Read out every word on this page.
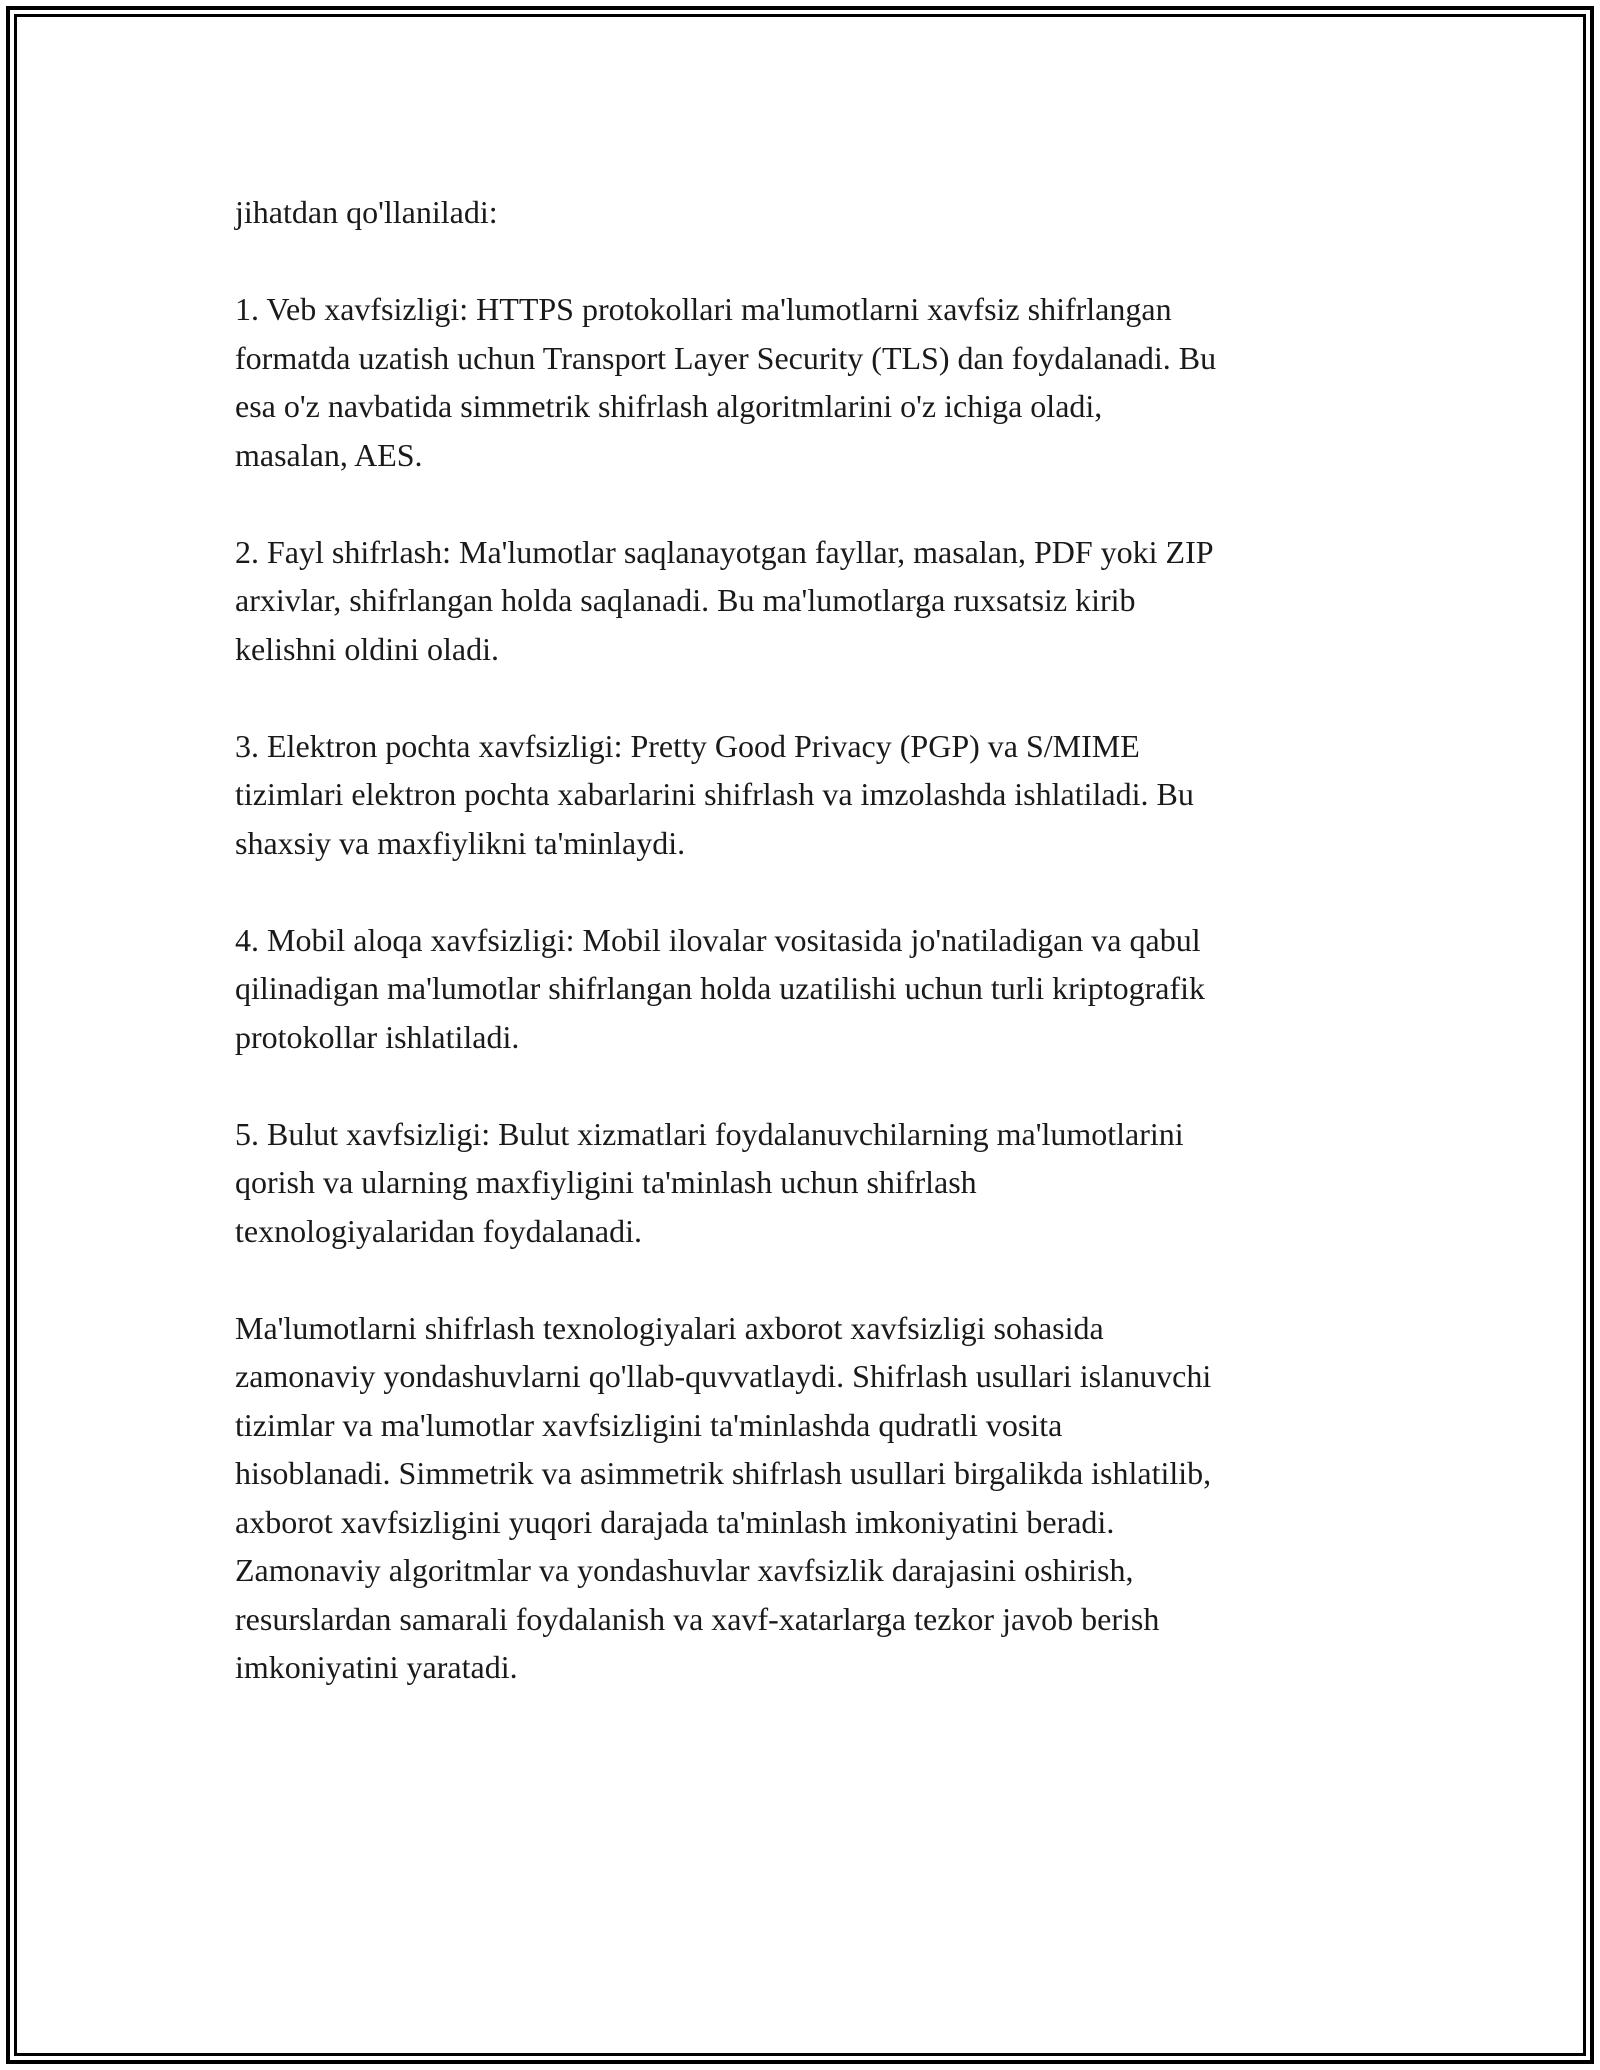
jihatdan qo'llaniladi:

1. Veb xavfsizligi: HTTPS protokollari ma'lumotlarni xavfsiz shifrlangan
formatda uzatish uchun Transport Layer Security (TLS) dan foydalanadi. Bu
esa o'z navbatida simmetrik shifrlash algoritmlarini o'z ichiga oladi,
masalan, AES.

2. Fayl shifrlash: Ma'lumotlar saqlanayotgan fayllar, masalan, PDF yoki ZIP
arxivlar, shifrlangan holda saqlanadi. Bu ma'lumotlarga ruxsatsiz kirib
kelishni oldini oladi.

3. Elektron pochta xavfsizligi: Pretty Good Privacy (PGP) va S/MIME
tizimlari elektron pochta xabarlarini shifrlash va imzolashda ishlatiladi. Bu
shaxsiy va maxfiylikni ta'minlaydi.

4. Mobil aloqa xavfsizligi: Mobil ilovalar vositasida jo'natiladigan va qabul
qilinadigan ma'lumotlar shifrlangan holda uzatilishi uchun turli kriptografik
protokollar ishlatiladi.

5. Bulut xavfsizligi: Bulut xizmatlari foydalanuvchilarning ma'lumotlarini
qorish va ularning maxfiyligini ta'minlash uchun shifrlash
texnologiyalaridan foydalanadi.

Ma'lumotlarni shifrlash texnologiyalari axborot xavfsizligi sohasida
zamonaviy yondashuvlarni qo'llab-quvvatlaydi. Shifrlash usullari islanuvchi
tizimlar va ma'lumotlar xavfsizligini ta'minlashda qudratli vosita
hisoblanadi. Simmetrik va asimmetrik shifrlash usullari birgalikda ishlatilib,
axborot xavfsizligini yuqori darajada ta'minlash imkoniyatini beradi.
Zamonaviy algoritmlar va yondashuvlar xavfsizlik darajasini oshirish,
resurslardan samarali foydalanish va xavf-xatarlarga tezkor javob berish
imkoniyatini yaratadi.
